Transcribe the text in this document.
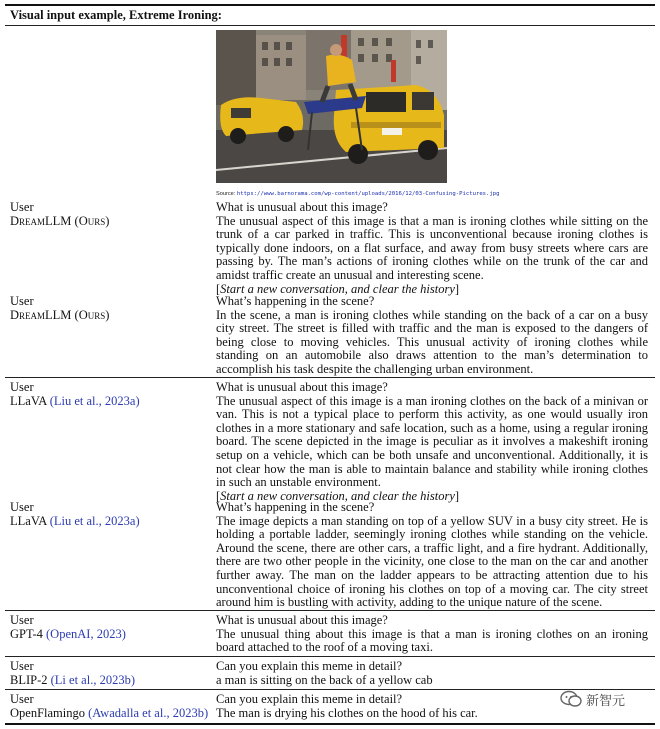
Visual input example, Extreme Ironing:
Source: https://www.barnorama.com/wp-content/uploads/2016/12/03-Confusing-Pictures.jpg
User
DreamLLM (Ours)
What is unusual about this image?
The unusual aspect of this image is that a man is ironing clothes while sitting on the trunk of a car parked in traffic. This is unconventional because ironing clothes is typically done indoors, on a flat surface, and away from busy streets where cars are passing by. The man’s actions of ironing clothes while on the trunk of the car and amidst traffic create an unusual and interesting scene.
[Start a new conversation, and clear the history]
User
DreamLLM (Ours)
What’s happening in the scene?
In the scene, a man is ironing clothes while standing on the back of a car on a busy city street. The street is filled with traffic and the man is exposed to the dangers of being close to moving vehicles. This unusual activity of ironing clothes while standing on an automobile also draws attention to the man’s determination to accomplish his task despite the challenging urban environment.
User
LLaVA (Liu et al., 2023a)
What is unusual about this image?
The unusual aspect of this image is a man ironing clothes on the back of a minivan or van. This is not a typical place to perform this activity, as one would usually iron clothes in a more stationary and safe location, such as a home, using a regular ironing board. The scene depicted in the image is peculiar as it involves a makeshift ironing setup on a vehicle, which can be both unsafe and unconventional. Additionally, it is not clear how the man is able to maintain balance and stability while ironing clothes in such an unstable environment.
[Start a new conversation, and clear the history]
User
LLaVA (Liu et al., 2023a)
What’s happening in the scene?
The image depicts a man standing on top of a yellow SUV in a busy city street. He is holding a portable ladder, seemingly ironing clothes while standing on the vehicle. Around the scene, there are other cars, a traffic light, and a fire hydrant. Additionally, there are two other people in the vicinity, one close to the man on the car and another further away. The man on the ladder appears to be attracting attention due to his unconventional choice of ironing his clothes on top of a moving car. The city street around him is bustling with activity, adding to the unique nature of the scene.
User
GPT-4 (OpenAI, 2023)
What is unusual about this image?
The unusual thing about this image is that a man is ironing clothes on an ironing board attached to the roof of a moving taxi.
User
BLIP-2 (Li et al., 2023b)
Can you explain this meme in detail?
a man is sitting on the back of a yellow cab
User
OpenFlamingo (Awadalla et al., 2023b)
Can you explain this meme in detail?
The man is drying his clothes on the hood of his car.
新智元
